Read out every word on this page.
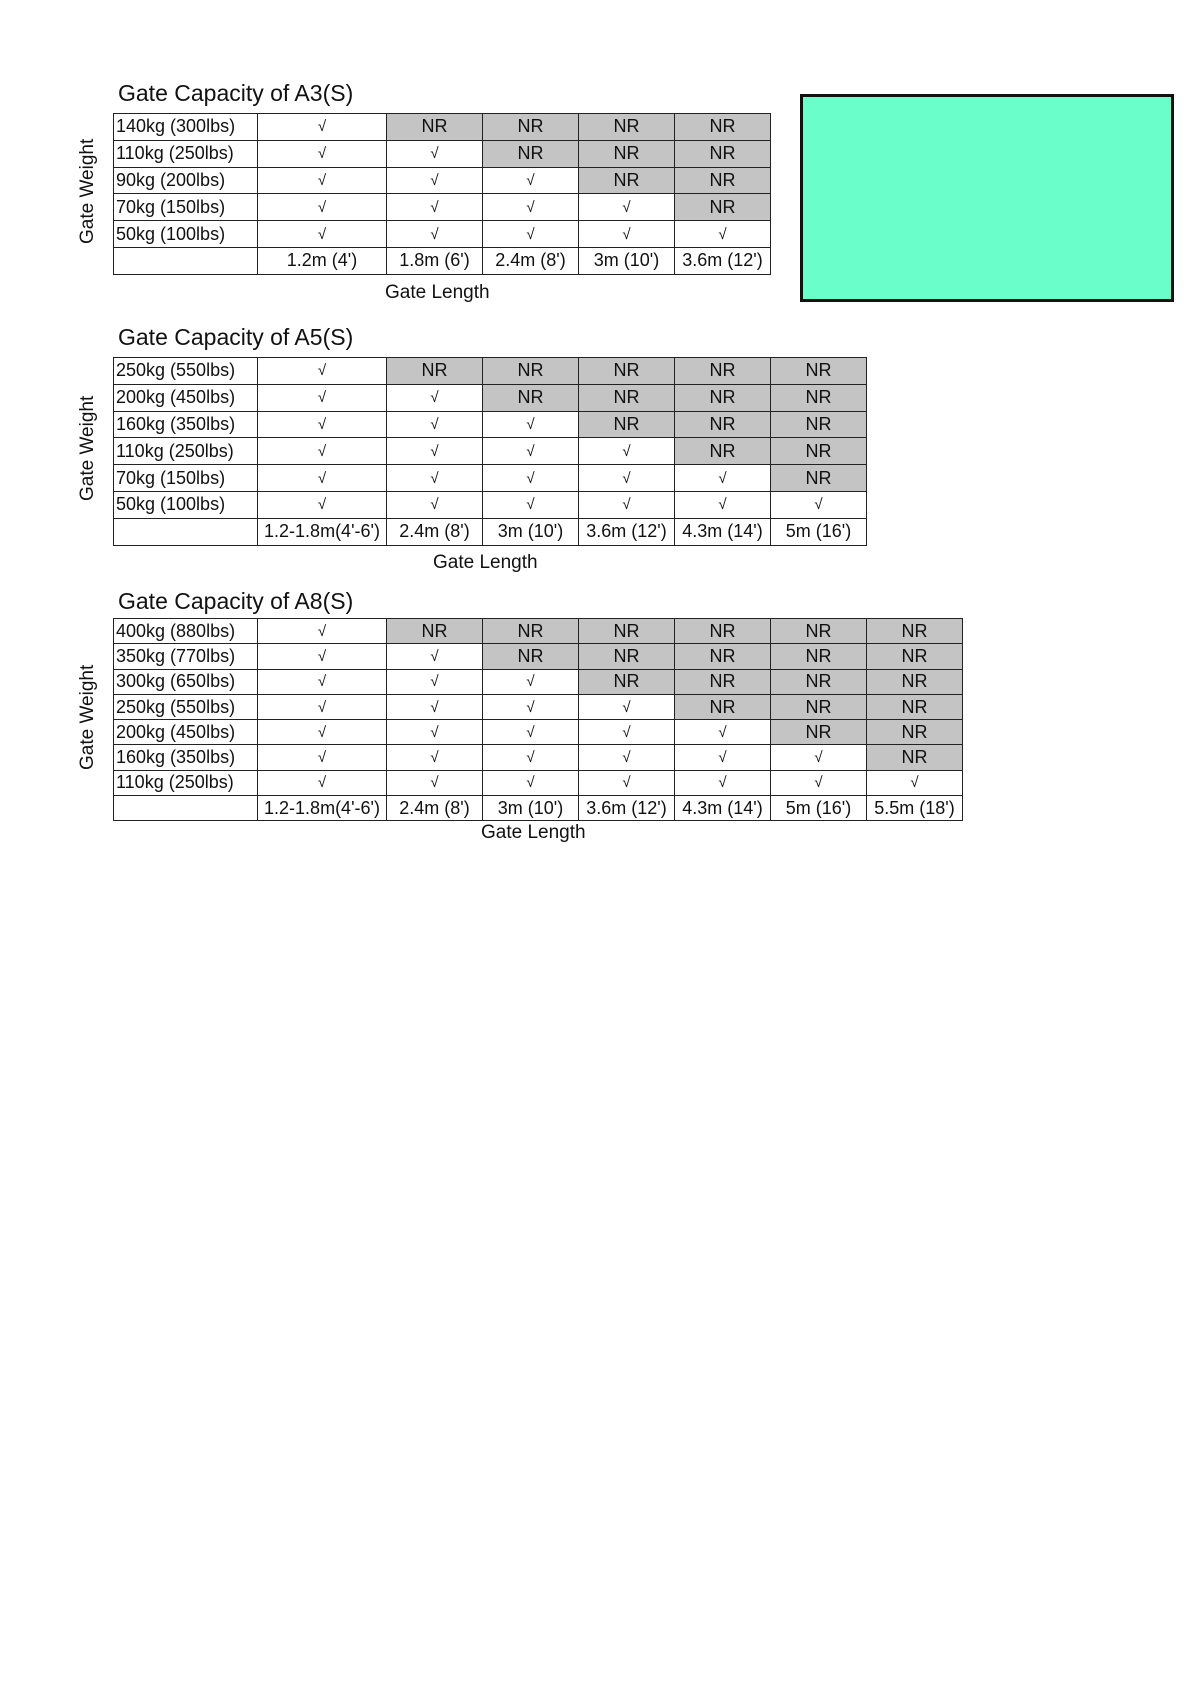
Gate Capacity of A3(S)
Gate Weight
140kg (300lbs)	√	NR	NR	NR	NR
110kg (250lbs)	√	√	NR	NR	NR
90kg (200lbs)	√	√	√	NR	NR
70kg (150lbs)	√	√	√	√	NR
50kg (100lbs)	√	√	√	√	√
	1.2m (4')	1.8m (6')	2.4m (8')	3m (10')	3.6m (12')
Gate Length
Gate Capacity of A5(S)
Gate Weight
250kg (550lbs)	√	NR	NR	NR	NR	NR
200kg (450lbs)	√	√	NR	NR	NR	NR
160kg (350lbs)	√	√	√	NR	NR	NR
110kg (250lbs)	√	√	√	√	NR	NR
70kg (150lbs)	√	√	√	√	√	NR
50kg (100lbs)	√	√	√	√	√	√
	1.2-1.8m(4'-6')	2.4m (8')	3m (10')	3.6m (12')	4.3m (14')	5m (16')
Gate Length
Gate Capacity of A8(S)
Gate Weight
400kg (880lbs)	√	NR	NR	NR	NR	NR	NR
350kg (770lbs)	√	√	NR	NR	NR	NR	NR
300kg (650lbs)	√	√	√	NR	NR	NR	NR
250kg (550lbs)	√	√	√	√	NR	NR	NR
200kg (450lbs)	√	√	√	√	√	NR	NR
160kg (350lbs)	√	√	√	√	√	√	NR
110kg (250lbs)	√	√	√	√	√	√	√
	1.2-1.8m(4'-6')	2.4m (8')	3m (10')	3.6m (12')	4.3m (14')	5m (16')	5.5m (18')
Gate Length
